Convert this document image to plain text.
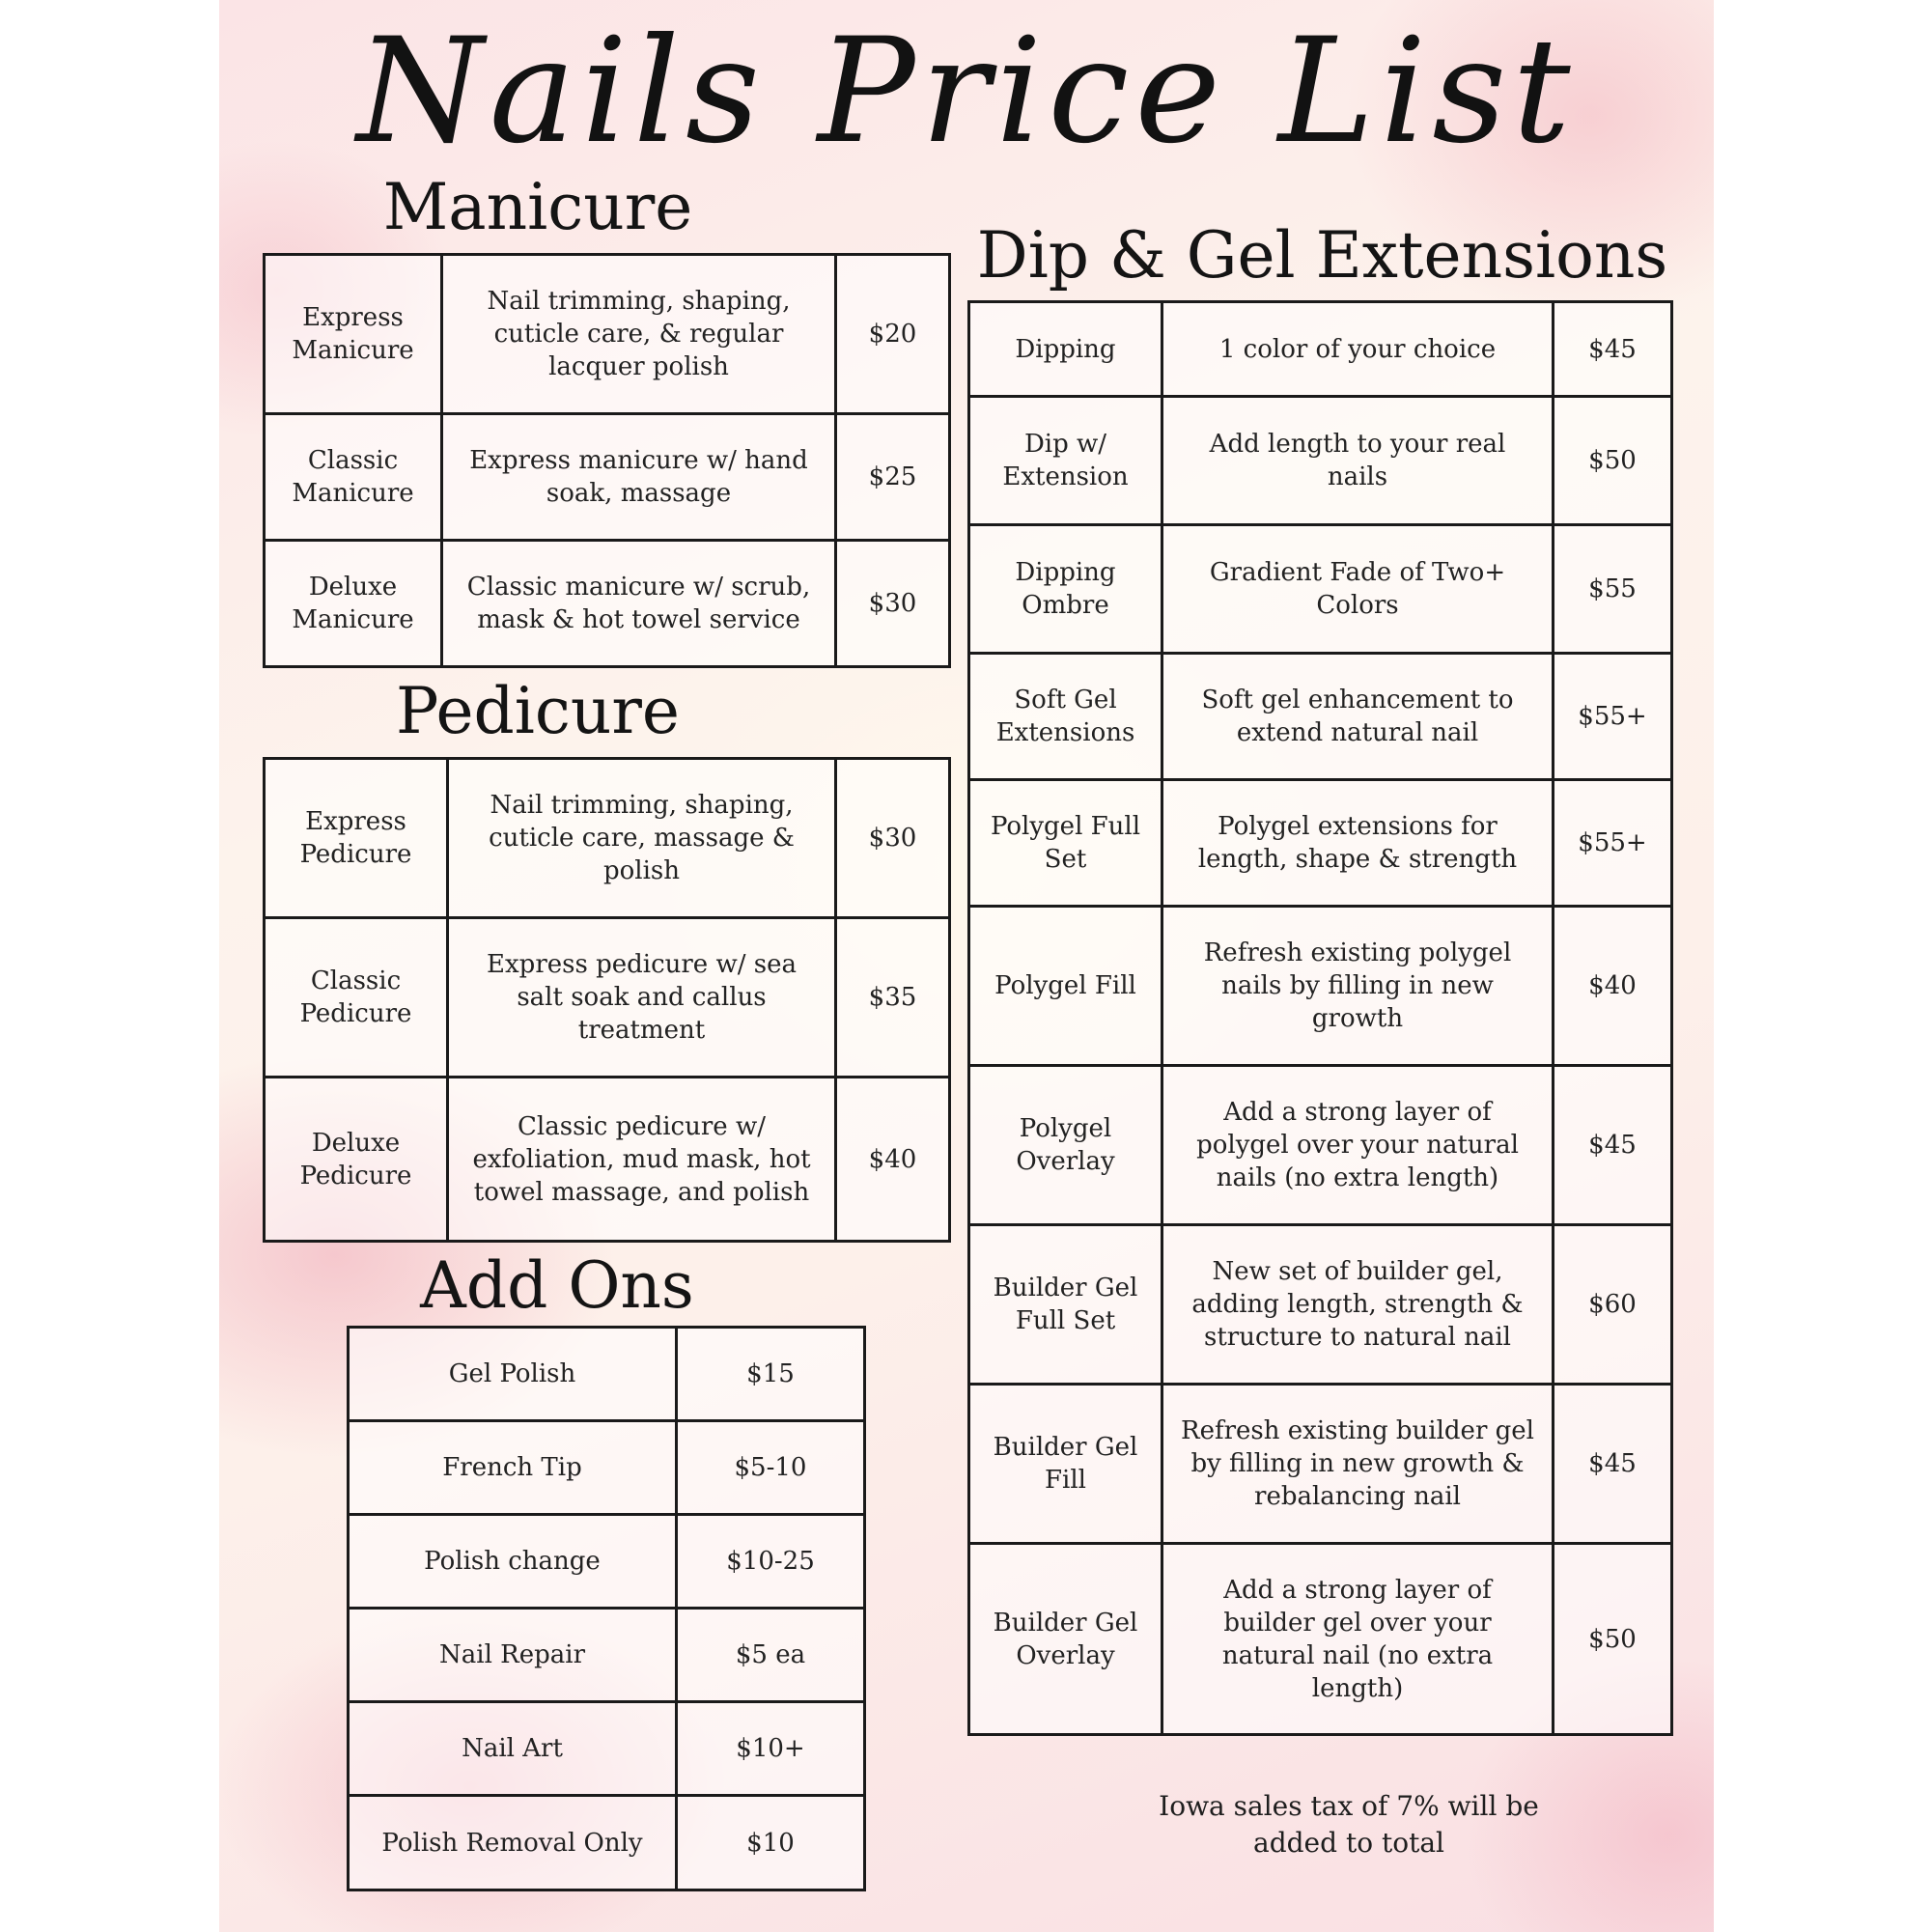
Nails Price List
Manicure
Express Manicure	Nail trimming, shaping, cuticle care, & regular lacquer polish	$20
Classic Manicure	Express manicure w/ hand soak, massage	$25
Deluxe Manicure	Classic manicure w/ scrub, mask & hot towel service	$30
Pedicure
Express Pedicure	Nail trimming, shaping, cuticle care, massage & polish	$30
Classic Pedicure	Express pedicure w/ sea salt soak and callus treatment	$35
Deluxe Pedicure	Classic pedicure w/ exfoliation, mud mask, hot towel massage, and polish	$40
Add Ons
Gel Polish	$15
French Tip	$5-10
Polish change	$10-25
Nail Repair	$5 ea
Nail Art	$10+
Polish Removal Only	$10
Dip & Gel Extensions
Dipping	1 color of your choice	$45
Dip w/ Extension	Add length to your real nails	$50
Dipping Ombre	Gradient Fade of Two+ Colors	$55
Soft Gel Extensions	Soft gel enhancement to extend natural nail	$55+
Polygel Full Set	Polygel extensions for length, shape & strength	$55+
Polygel Fill	Refresh existing polygel nails by filling in new growth	$40
Polygel Overlay	Add a strong layer of polygel over your natural nails (no extra length)	$45
Builder Gel Full Set	New set of builder gel, adding length, strength & structure to natural nail	$60
Builder Gel Fill	Refresh existing builder gel by filling in new growth & rebalancing nail	$45
Builder Gel Overlay	Add a strong layer of builder gel over your natural nail (no extra length)	$50
Iowa sales tax of 7% will be added to total
